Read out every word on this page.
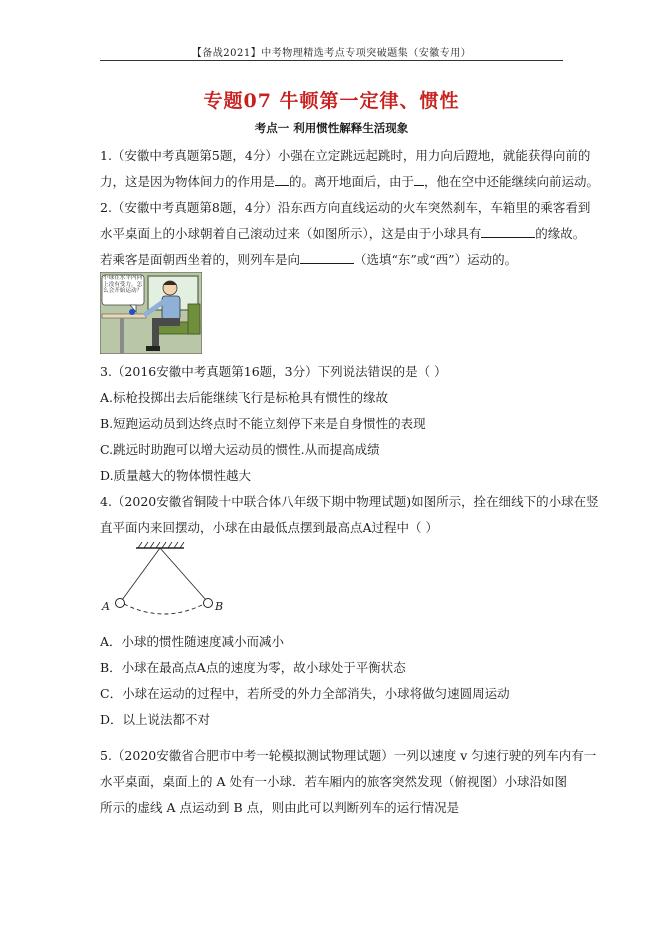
【备战2021】中考物理精选考点专项突破题集（安徽专用）
专题07 牛顿第一定律、惯性
考点一 利用惯性解释生活现象
1.（安徽中考真题第5题，4分）小强在立定跳远起跳时，用力向后蹬地，就能获得向前的
力，这是因为物体间力的作用是 的。离开地面后，由于 ，他在空中还能继续向前运动。
2.（安徽中考真题第8题，4分）沿东西方向直线运动的火车突然刹车，车箱里的乘客看到
水平桌面上的小球朝着自己滚动过来（如图所示），这是由于小球具有	的缘故。
若乘客是面朝西坐着的，则列车是向	（选填“东”或“西”）运动的。
小球在水平内向上没有受力，怎么会开始运动？
3.（2016安徽中考真题第16题，3分）下列说法错误的是（ ）
A.标枪投掷出去后能继续飞行是标枪具有惯性的缘故
B.短跑运动员到达终点时不能立刻停下来是自身惯性的表现
C.跳远时助跑可以增大运动员的惯性.从而提高成绩
D.质量越大的物体惯性越大
4.（2020安徽省铜陵十中联合体八年级下期中物理试题)如图所示，拴在细线下的小球在竖
直平面内来回摆动，小球在由最低点摆到最高点A过程中（ ）
A	B
A．小球的惯性随速度减小而减小
B．小球在最高点A点的速度为零，故小球处于平衡状态
C．小球在运动的过程中，若所受的外力全部消失，小球将做匀速圆周运动
D．以上说法都不对
5.（2020安徽省合肥市中考一轮模拟测试物理试题）一列以速度 v 匀速行驶的列车内有一
水平桌面，桌面上的 A 处有一小球．若车厢内的旅客突然发现（俯视图）小球沿如图
所示的虚线 A 点运动到 B 点，则由此可以判断列车的运行情况是
